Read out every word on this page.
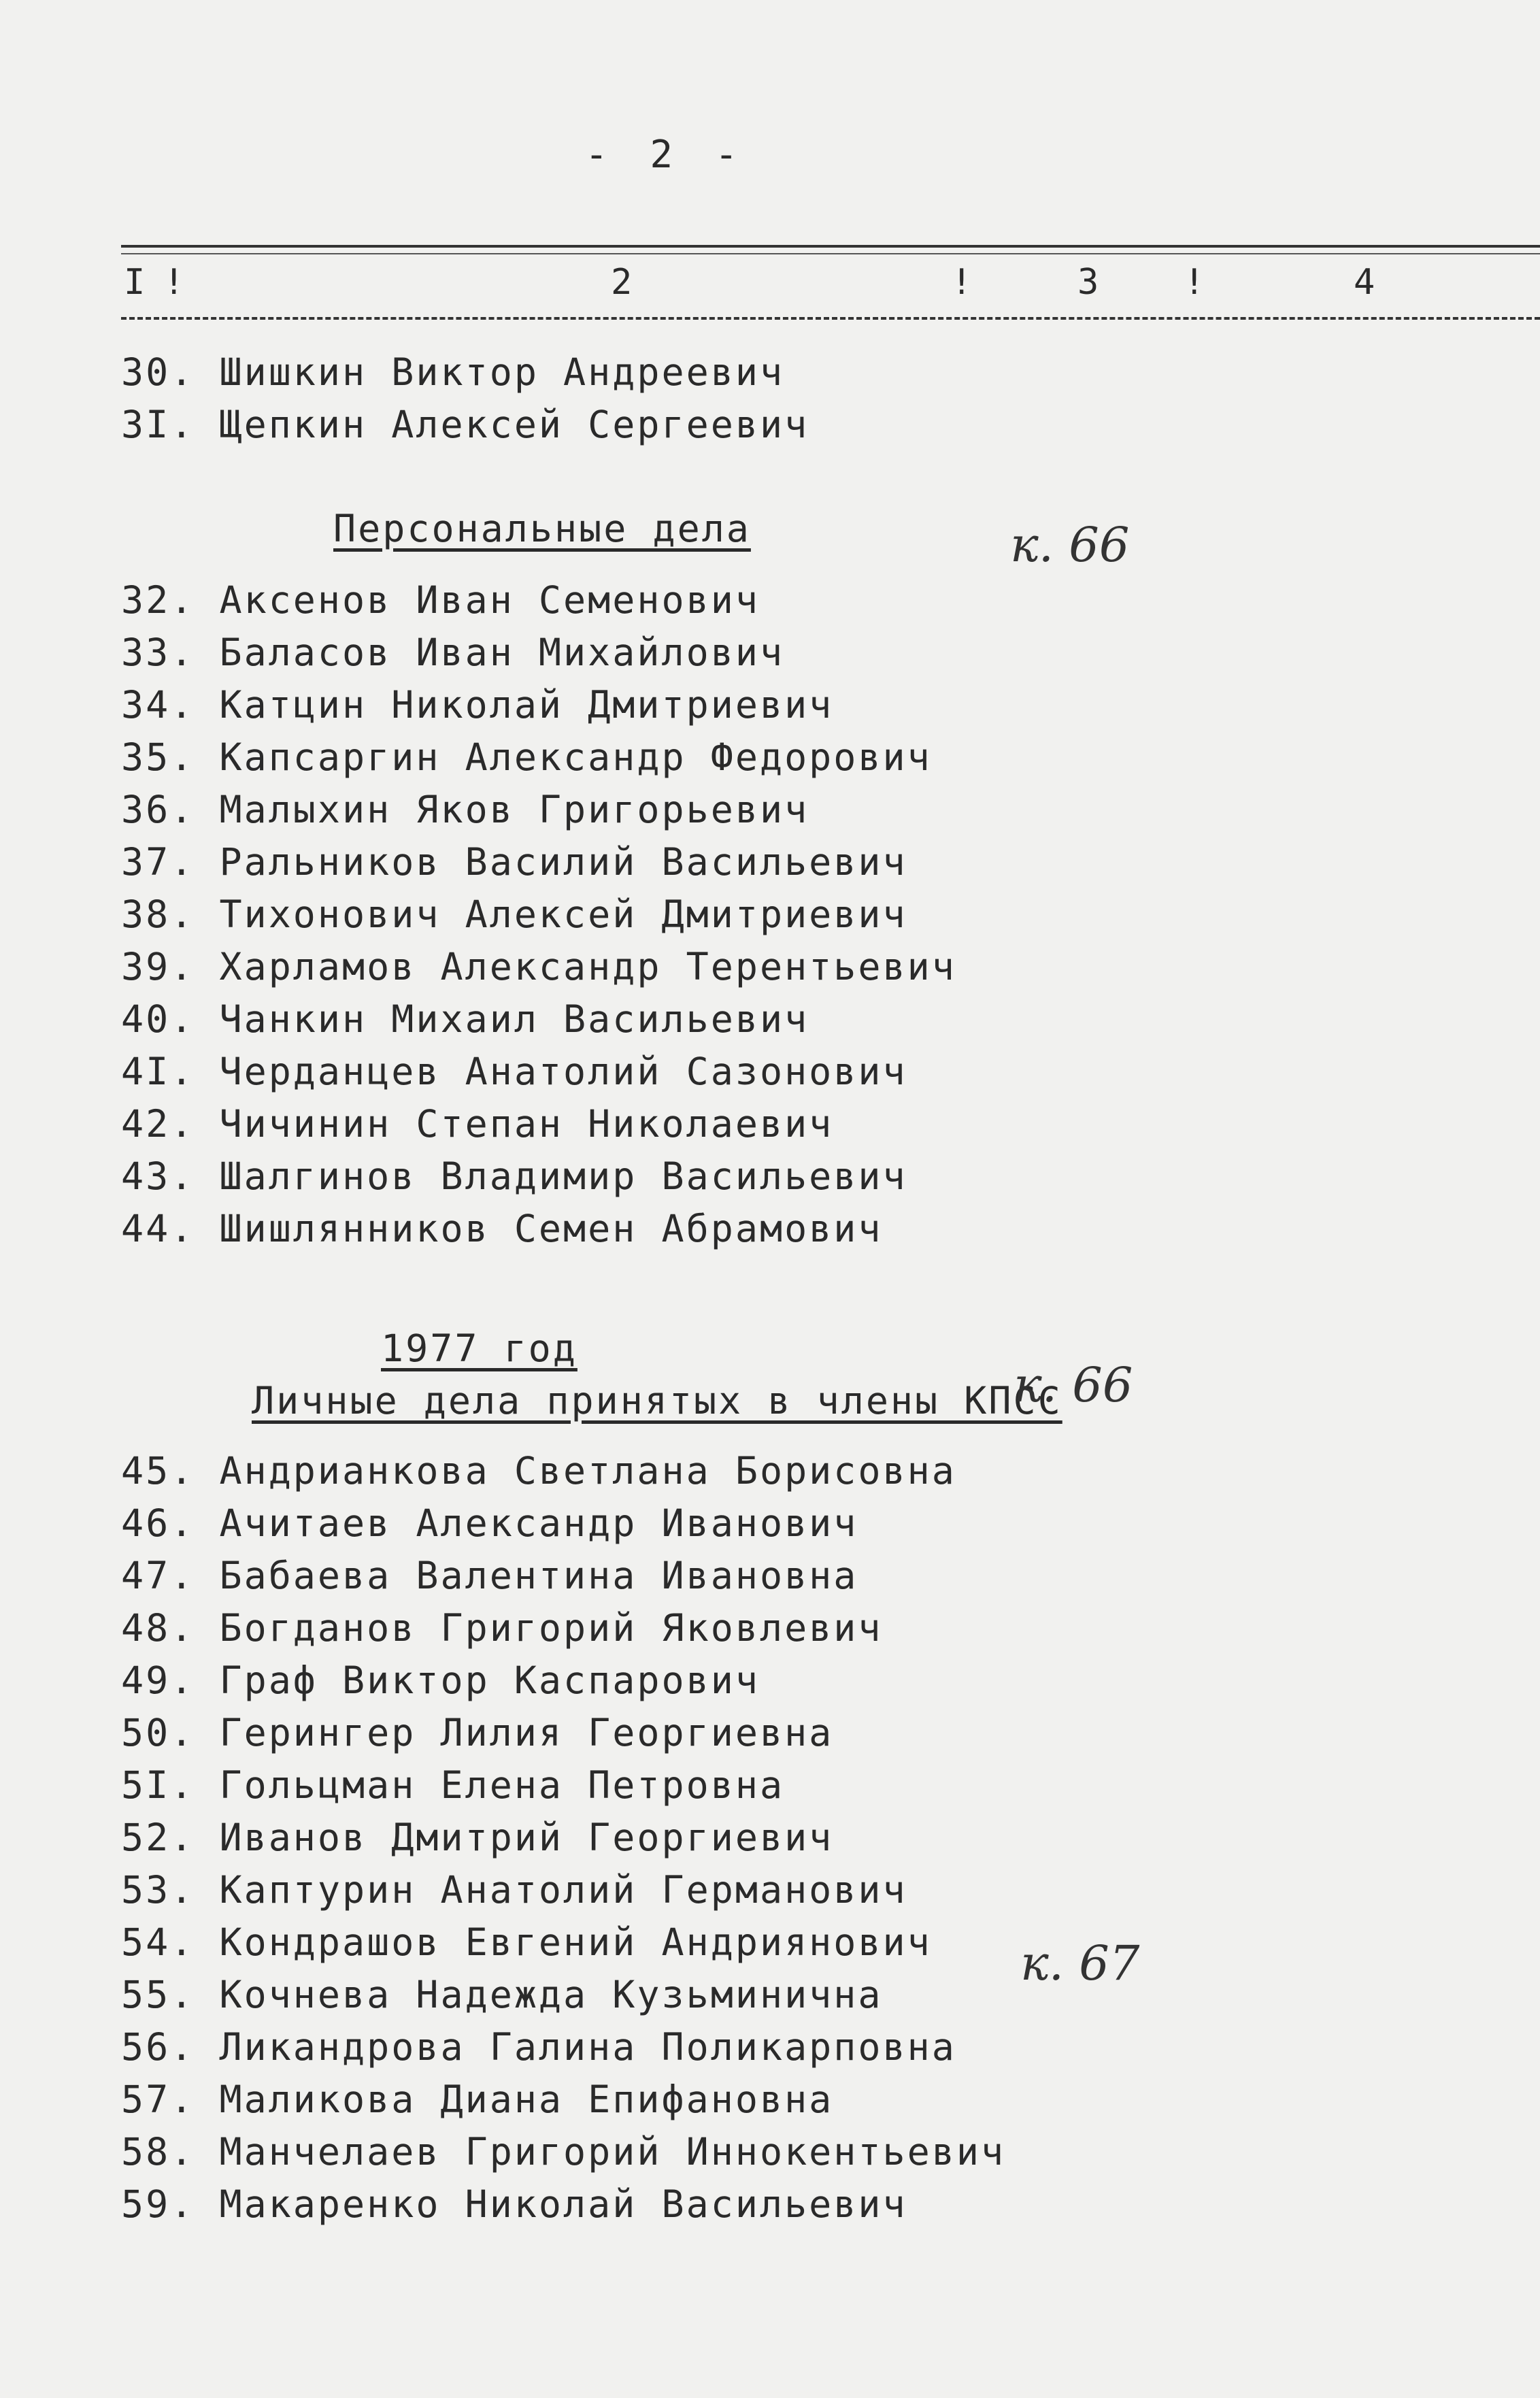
- 2 -
I !	2	!	3 !	4
30. Шишкин Виктор Андреевич
3I. Щепкин Алексей Сергеевич
Персональные дела	к. 66
32. Аксенов Иван Семенович
33. Баласов Иван Михайлович
34. Катцин Николай Дмитриевич
35. Капсаргин Александр Федорович
36. Малыхин Яков Григорьевич
37. Ральников Василий Васильевич
38. Тихонович Алексей Дмитриевич
39. Харламов Александр Терентьевич
40. Чанкин Михаил Васильевич
4I. Черданцев Анатолий Сазонович
42. Чичинин Степан Николаевич
43. Шалгинов Владимир Васильевич
44. Шишлянников Семен Абрамович
1977 год
Личные дела принятых в члены КПСС
к. 66
45. Андрианкова Светлана Борисовна
46. Ачитаев Александр Иванович
47. Бабаева Валентина Ивановна
48. Богданов Григорий Яковлевич
49. Граф Виктор Каспарович
50. Герингер Лилия Георгиевна
5I. Гольцман Елена Петровна
52. Иванов Дмитрий Георгиевич
53. Каптурин Анатолий Германович
54. Кондрашов Евгений Андриянович
55. Кочнева Надежда Кузьминична
56. Ликандрова Галина Поликарповна
57. Маликова Диана Епифановна
58. Манчелаев Григорий Иннокентьевич
59. Макаренко Николай Васильевич
к. 67
